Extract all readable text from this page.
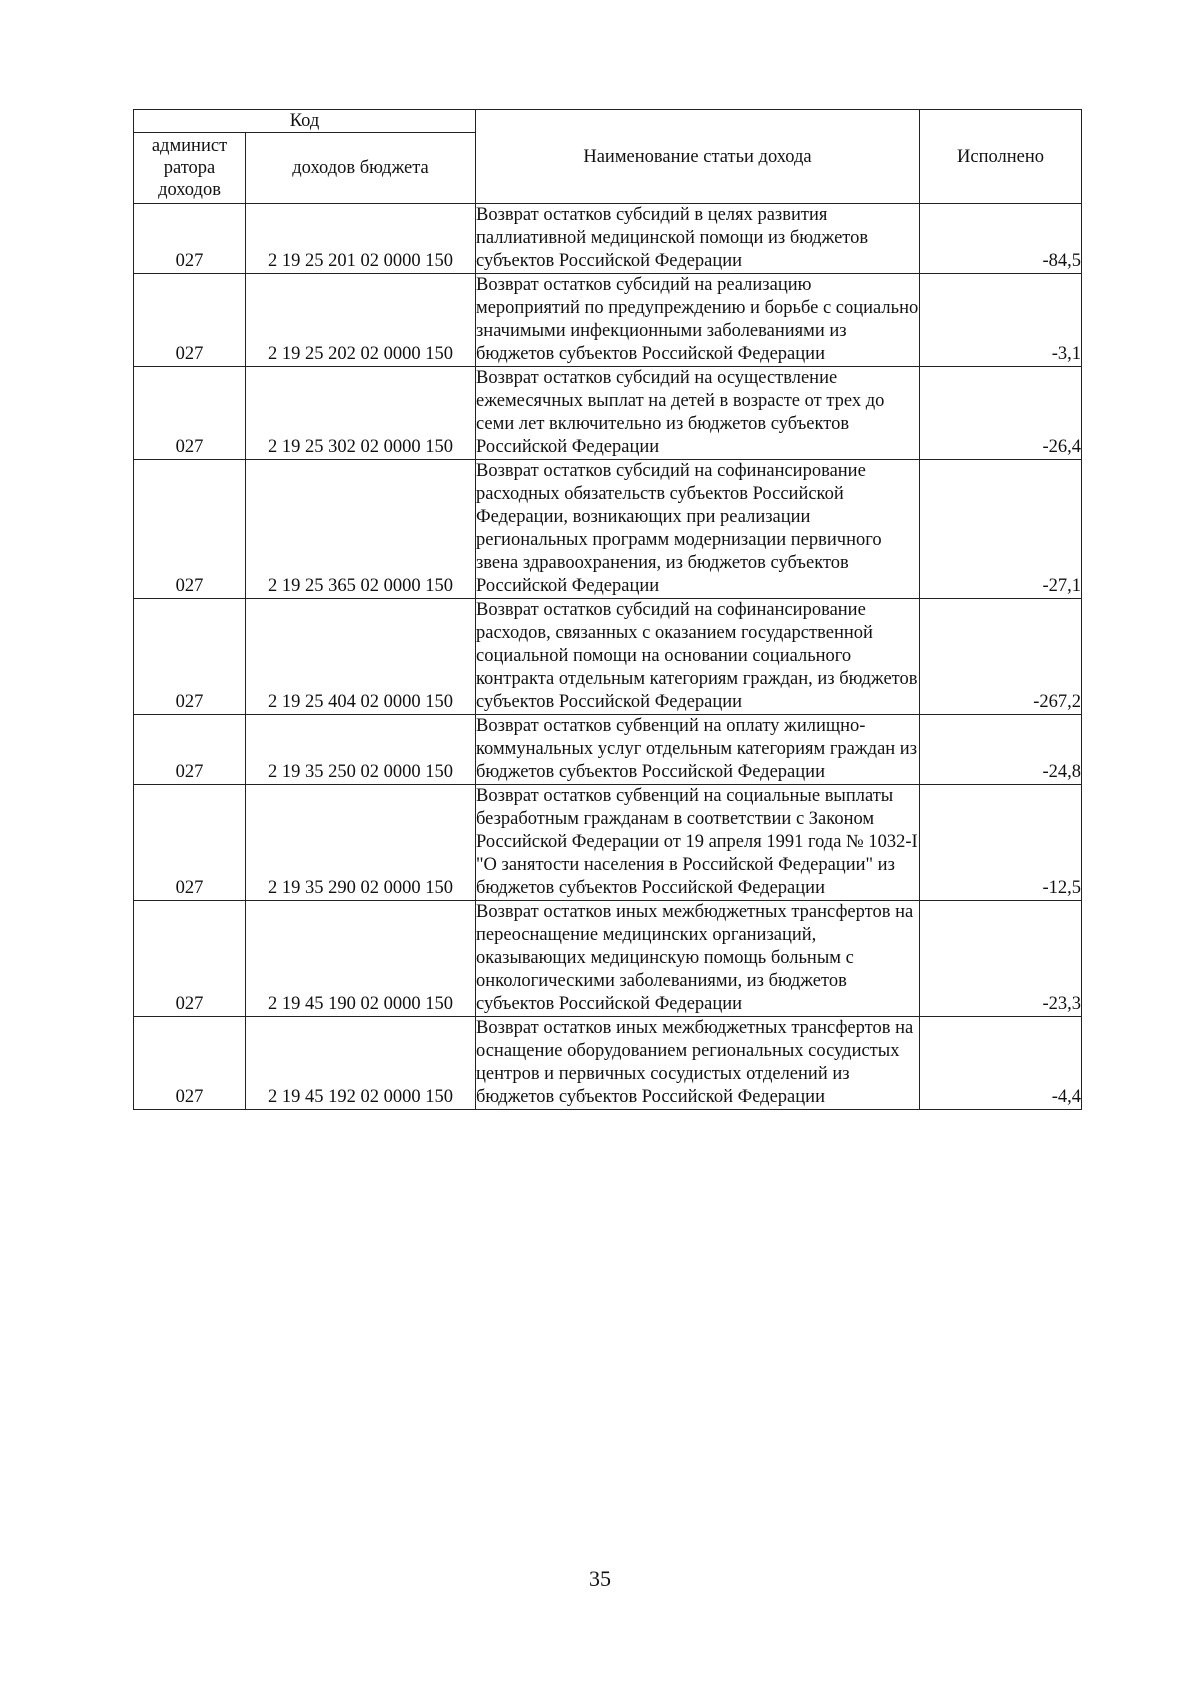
Код		Наименование статьи дохода	Исполнено
админист ратора доходов	доходов бюджета		
027	2 19 25 201 02 0000 150	Возврат остатков субсидий в целях развития паллиативной медицинской помощи из бюджетов субъектов Российской Федерации	-84,5
027	2 19 25 202 02 0000 150	Возврат остатков субсидий на реализацию мероприятий по предупреждению и борьбе с социально значимыми инфекционными заболеваниями из бюджетов субъектов Российской Федерации	-3,1
027	2 19 25 302 02 0000 150	Возврат остатков субсидий на осуществление ежемесячных выплат на детей в возрасте от трех до семи лет включительно из бюджетов субъектов Российской Федерации	-26,4
027	2 19 25 365 02 0000 150	Возврат остатков субсидий на софинансирование расходных обязательств субъектов Российской Федерации, возникающих при реализации региональных программ модернизации первичного звена здравоохранения, из бюджетов субъектов Российской Федерации	-27,1
027	2 19 25 404 02 0000 150	Возврат остатков субсидий на софинансирование расходов, связанных с оказанием государственной социальной помощи на основании социального контракта отдельным категориям граждан, из бюджетов субъектов Российской Федерации	-267,2
027	2 19 35 250 02 0000 150	Возврат остатков субвенций на оплату жилищно-коммунальных услуг отдельным категориям граждан из бюджетов субъектов Российской Федерации	-24,8
027	2 19 35 290 02 0000 150	Возврат остатков субвенций на социальные выплаты безработным гражданам в соответствии с Законом Российской Федерации от 19 апреля 1991 года № 1032-I "О занятости населения в Российской Федерации" из бюджетов субъектов Российской Федерации	-12,5
027	2 19 45 190 02 0000 150	Возврат остатков иных межбюджетных трансфертов на переоснащение медицинских организаций, оказывающих медицинскую помощь больным с онкологическими заболеваниями, из бюджетов субъектов Российской Федерации	-23,3
027	2 19 45 192 02 0000 150	Возврат остатков иных межбюджетных трансфертов на оснащение оборудованием региональных сосудистых центров и первичных сосудистых отделений из бюджетов субъектов Российской Федерации	-4,4
35
